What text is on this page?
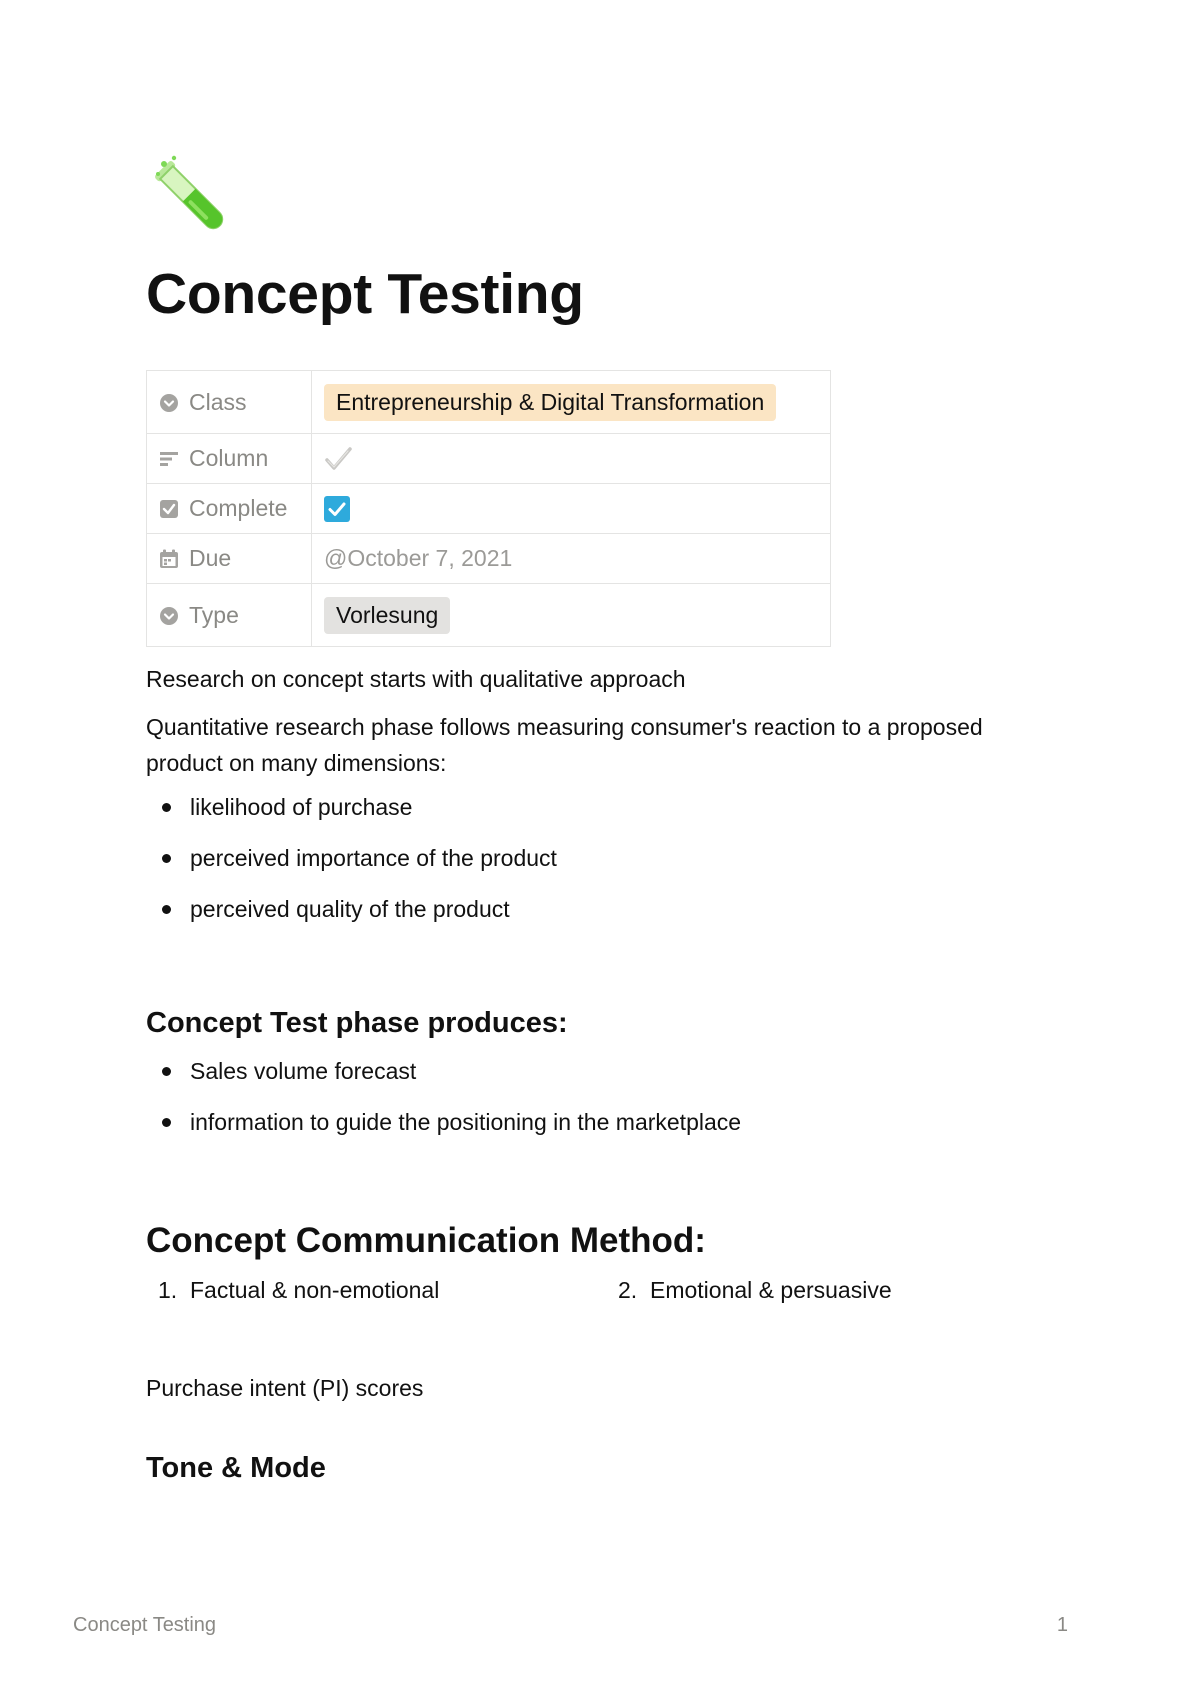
Concept Testing
Class	Entrepreneurship & Digital Transformation
Column	
Complete	
Due	@October 7, 2021
Type	Vorlesung

Research on concept starts with qualitative approach

Quantitative research phase follows measuring consumer's reaction to a proposed product on many dimensions:

likelihood of purchase
perceived importance of the product
perceived quality of the product
Concept Test phase produces:
Sales volume forecast
information to guide the positioning in the marketplace
Concept Communication Method:
1. Factual & non-emotional	2. Emotional & persuasive

Purchase intent (PI) scores

Tone & Mode
Concept Testing	1
